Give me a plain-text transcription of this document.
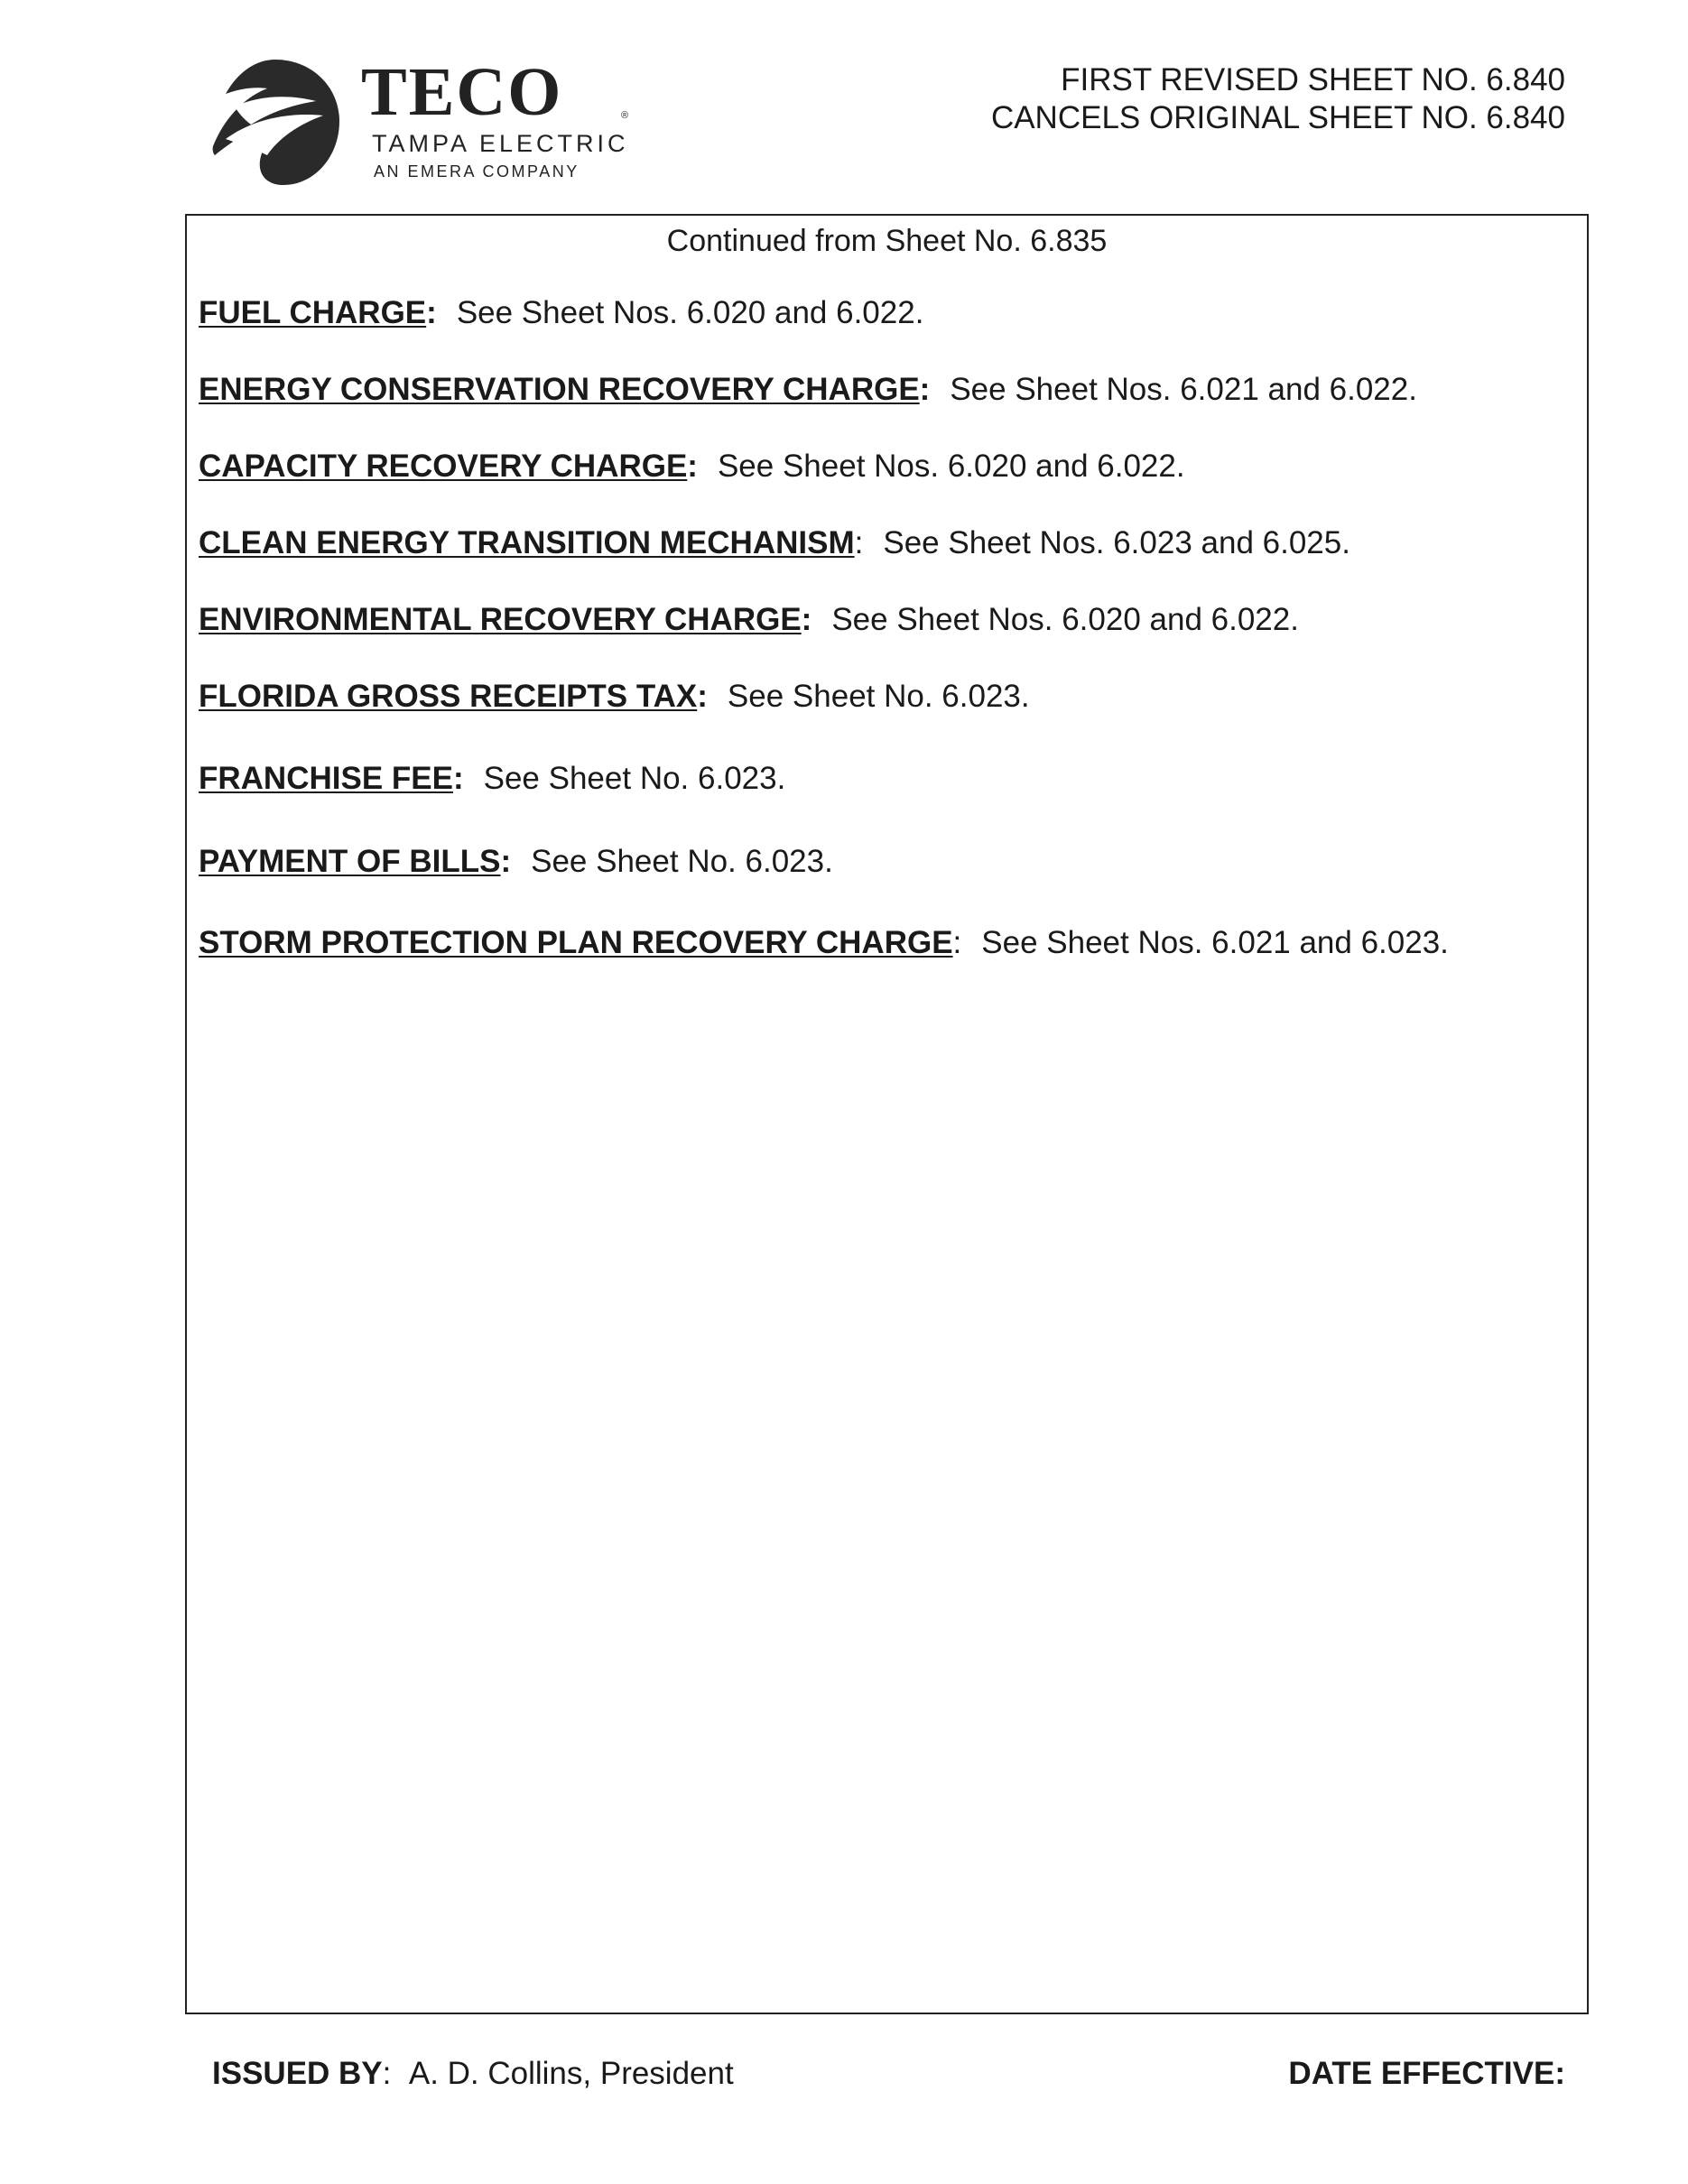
TECO	®
TAMPA ELECTRIC
AN EMERA COMPANY
FIRST REVISED SHEET NO. 6.840
CANCELS ORIGINAL SHEET NO. 6.840
Continued from Sheet No. 6.835
FUEL CHARGE: See Sheet Nos. 6.020 and 6.022.
ENERGY CONSERVATION RECOVERY CHARGE: See Sheet Nos. 6.021 and 6.022.
CAPACITY RECOVERY CHARGE: See Sheet Nos. 6.020 and 6.022.
CLEAN ENERGY TRANSITION MECHANISM: See Sheet Nos. 6.023 and 6.025.
ENVIRONMENTAL RECOVERY CHARGE: See Sheet Nos. 6.020 and 6.022.
FLORIDA GROSS RECEIPTS TAX: See Sheet No. 6.023.
FRANCHISE FEE: See Sheet No. 6.023.
PAYMENT OF BILLS: See Sheet No. 6.023.
STORM PROTECTION PLAN RECOVERY CHARGE: See Sheet Nos. 6.021 and 6.023.
ISSUED BY: A. D. Collins, President	DATE EFFECTIVE:
